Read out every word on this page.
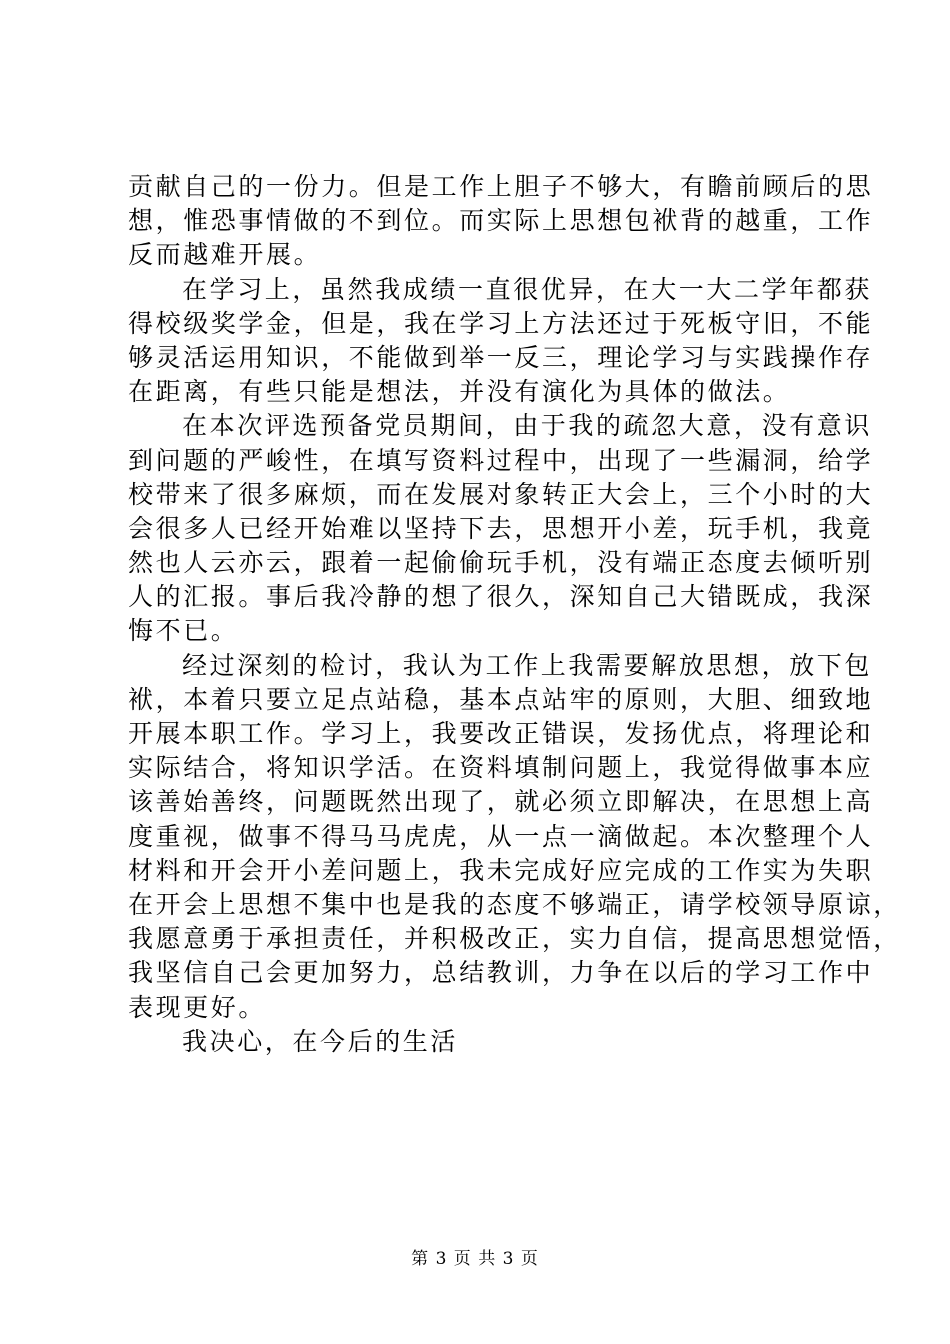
贡献自己的一份力。但是工作上胆子不够大，有瞻前顾后的思
想，惟恐事情做的不到位。而实际上思想包袱背的越重，工作
反而越难开展。
在学习上，虽然我成绩一直很优异，在大一大二学年都获
得校级奖学金，但是，我在学习上方法还过于死板守旧，不能
够灵活运用知识，不能做到举一反三，理论学习与实践操作存
在距离，有些只能是想法，并没有演化为具体的做法。
在本次评选预备党员期间，由于我的疏忽大意，没有意识
到问题的严峻性，在填写资料过程中，出现了一些漏洞，给学
校带来了很多麻烦，而在发展对象转正大会上，三个小时的大
会很多人已经开始难以坚持下去，思想开小差，玩手机，我竟
然也人云亦云，跟着一起偷偷玩手机，没有端正态度去倾听别
人的汇报。事后我冷静的想了很久，深知自己大错既成，我深
悔不已。
经过深刻的检讨，我认为工作上我需要解放思想，放下包
袱，本着只要立足点站稳，基本点站牢的原则，大胆、细致地
开展本职工作。学习上，我要改正错误，发扬优点，将理论和
实际结合，将知识学活。在资料填制问题上，我觉得做事本应
该善始善终，问题既然出现了，就必须立即解决，在思想上高
度重视，做事不得马马虎虎，从一点一滴做起。本次整理个人
材料和开会开小差问题上，我未完成好应完成的工作实为失职
在开会上思想不集中也是我的态度不够端正，请学校领导原谅，
我愿意勇于承担责任，并积极改正，实力自信，提高思想觉悟，
我坚信自己会更加努力，总结教训，力争在以后的学习工作中
表现更好。
我决心，在今后的生活
第 3 页 共 3 页
